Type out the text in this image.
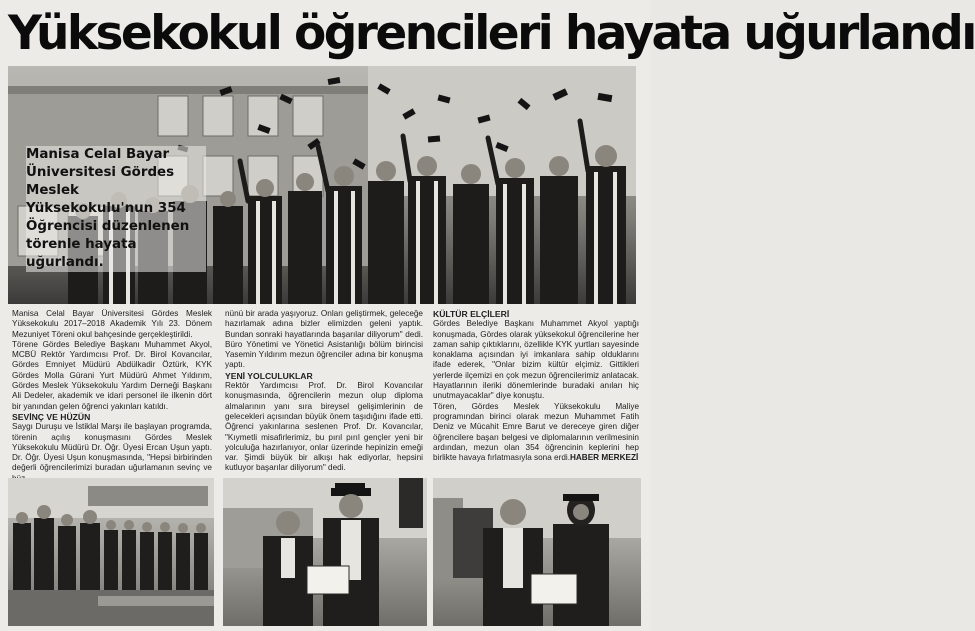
Yüksekokul öğrencileri hayata uğurlandı
Manisa Celal Bayar Üniversitesi Gördes Meslek Yüksekokulu'nun 354 Öğrencisi düzenlenen törenle hayata uğurlandı.

Manisa Celal Bayar Üniversitesi Gördes Meslek Yüksekokulu 2017–2018 Akademik Yılı 23. Dönem Mezuniyet Töreni okul bahçesinde gerçekleştirildi.

Törene Gördes Belediye Başkanı Muhammet Akyol, MCBÜ Rektör Yardımcısı Prof. Dr. Birol Kovancılar, Gördes Emniyet Müdürü Abdülkadir Öztürk, KYK Gördes Molla Gürani Yurt Müdürü Ahmet Yıldırım, Gördes Meslek Yüksekokulu Yardım Derneği Başkanı Ali Dedeler, akademik ve idari personel ile ilkenin dört bir yanından gelen öğrenci yakınları katıldı.

SEVİNÇ VE HÜZÜN

Saygı Duruşu ve İstiklal Marşı ile başlayan programda, törenin açılış konuşmasını Gördes Meslek Yüksekokulu Müdürü Dr. Öğr. Üyesi Ercan Uşun yaptı. Dr. Öğr. Üyesi Uşun konuşmasında, "Hepsi birbirinden değerli öğrencilerimizi buradan uğurlamanın sevinç ve

nünü bir arada yaşıyoruz. Onları geliştirmek, geleceğe hazırlamak adına bizler elimizden geleni yaptık. Bundan sonraki hayatlarında başarılar diliyorum" dedi. Büro Yönetimi ve Yönetici Asistanlığı bölüm birincisi Yasemin Yıldırım mezun öğrenciler adına bir konuşma yaptı.

YENİ YOLCULUKLAR

Rektör Yardımcısı Prof. Dr. Birol Kovancılar konuşmasında, öğrencilerin mezun olup diploma almalarının yanı sıra bireysel gelişimlerinin de gelecekleri açısından büyük önem taşıdığını ifade etti. Öğrenci yakınlarına seslenen Prof. Dr. Kovancılar, "Kıymetli misafirlerimiz, bu pırıl pırıl gençler yeni bir yolculuğa hazırlanıyor, onlar üzerinde hepinizin emeği var. Şimdi büyük bir alkışı hak ediyorlar, hepsini kutluyor başarılar diliyorum" dedi.

KÜLTÜR ELÇİLERİ

Gördes Belediye Başkanı Muhammet Akyol yaptığı konuşmada, Gördes olarak yüksekokul öğrencilerine her zaman sahip çıktıklarını, özellikle KYK yurtları sayesinde konaklama açısından iyi imkanlara sahip olduklarını ifade ederek, "Onlar bizim kültür elçimiz. Gittikleri yerlerde ilçemizi en çok mezun öğrencilerimiz anlatacak. Hayatlarının ileriki dönemlerinde buradaki anıları hiç unutmayacaklar" diye konuştu.

Tören, Gördes Meslek Yüksekokulu Maliye programından birinci olarak mezun Muhammet Fatih Deniz ve Mücahit Emre Barut ve dereceye giren diğer öğrencilere başarı belgesi ve diplomalarının verilmesinin ardından, mezun olan 354 öğrencinin keplerini hep birlikte havaya fırlatmasıyla sona erdi.HABER MERKEZİ
